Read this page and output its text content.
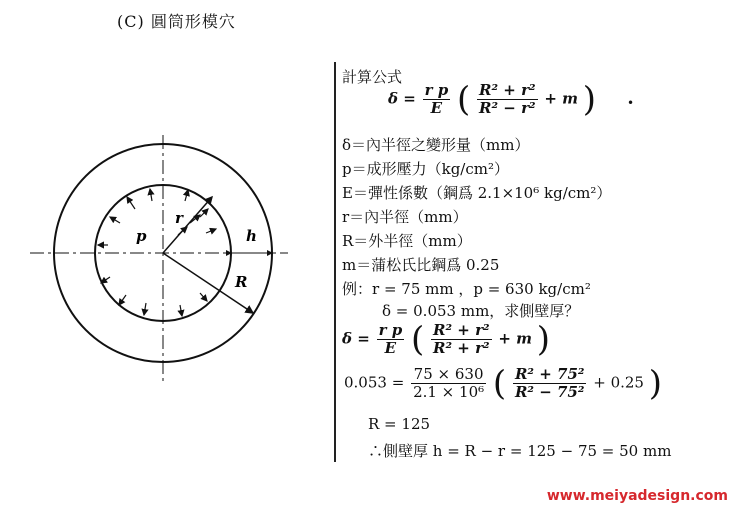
(C) 圓筒形模穴
p
r
h
R
計算公式
$\delta = \frac{\text{r p}}{E}$ ( $\frac{\text{R² + r²}}{\text{R² − r²}} + m$ )
δ＝內半徑之變形量（mm）
p＝成形壓力（kg/cm²）
E＝彈性係數（鋼爲 2.1×10⁶ kg/cm²）
r＝內半徑（mm）
R＝外半徑（mm）
m＝蒲松氏比鋼爲 0.25
例：r = 75 mm ，p = 630 kg/cm²
δ = 0.053 mm，求側壁厚？
$\delta = \frac{\text{r p}}{E}$ ( $\frac{\text{R² + r²}}{\text{R² + r²}} + m$ )
$0.053 = \frac{75 \times 630}{\text{2.1 × 10⁶}}$ ( $\frac{\text{R² + 75²}}{\text{R² − 75²}} + 0.25$ )
R = 125
∴側壁厚 h = R − r = 125 − 75 = 50 mm
•
www.meiyadesign.com
